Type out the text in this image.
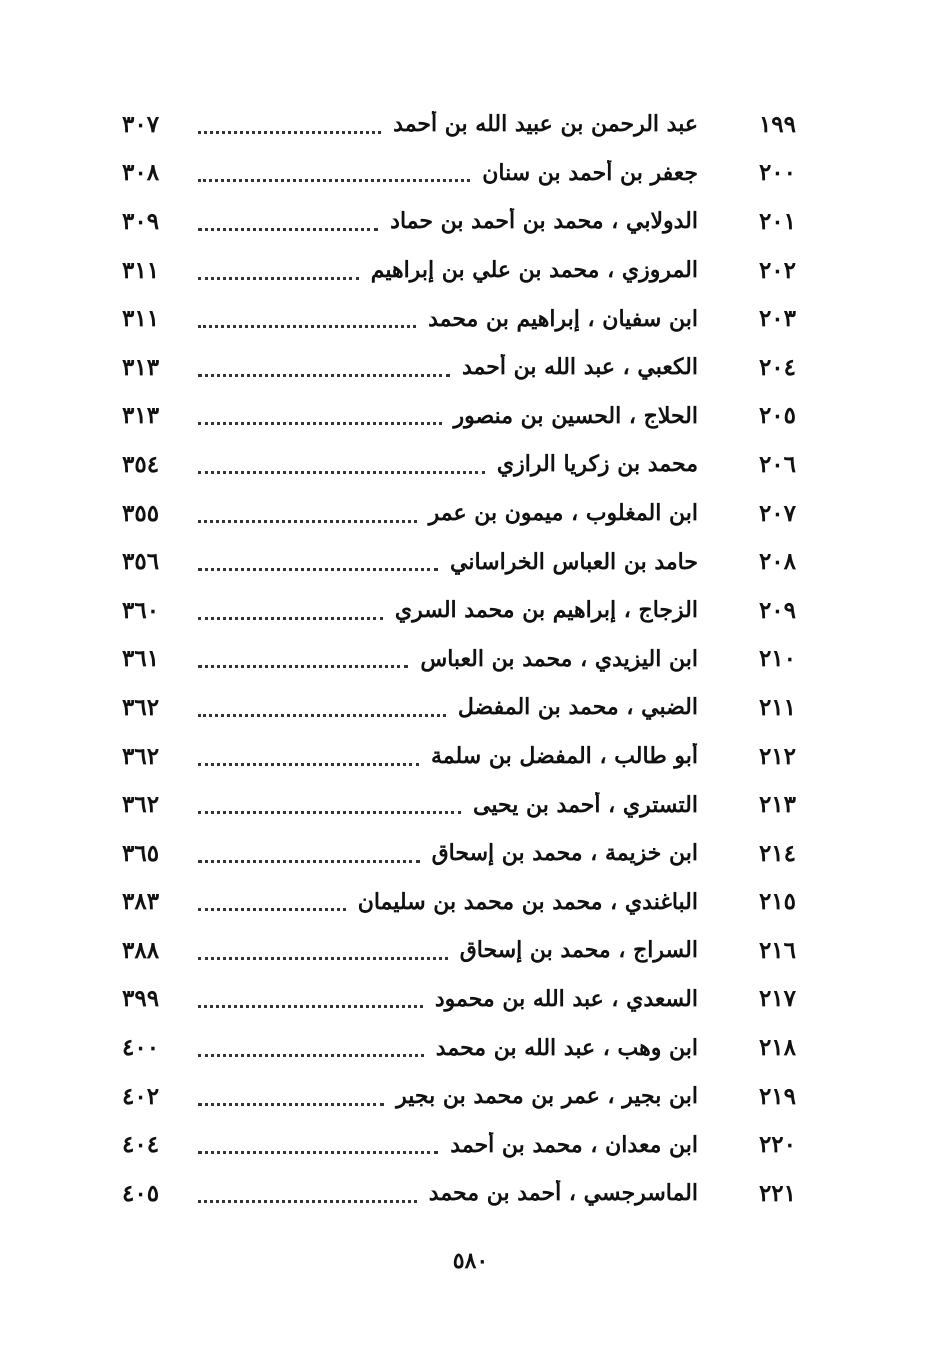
١٩٩
عبد الرحمن بن عبيد الله بن أحمد
٣٠٧
٢٠٠
جعفر بن أحمد بن سنان
٣٠٨
٢٠١
الدولابي ، محمد بن أحمد بن حماد
٣٠٩
٢٠٢
المروزي ، محمد بن علي بن إبراهيم
٣١١
٢٠٣
ابن سفيان ، إبراهيم بن محمد
٣١١
٢٠٤
الكعبي ، عبد الله بن أحمد
٣١٣
٢٠٥
الحلاج ، الحسين بن منصور
٣١٣
٢٠٦
محمد بن زكريا الرازي
٣٥٤
٢٠٧
ابن المغلوب ، ميمون بن عمر
٣٥٥
٢٠٨
حامد بن العباس الخراساني
٣٥٦
٢٠٩
الزجاج ، إبراهيم بن محمد السري
٣٦٠
٢١٠
ابن اليزيدي ، محمد بن العباس
٣٦١
٢١١
الضبي ، محمد بن المفضل
٣٦٢
٢١٢
أبو طالب ، المفضل بن سلمة
٣٦٢
٢١٣
التستري ، أحمد بن يحيى
٣٦٢
٢١٤
ابن خزيمة ، محمد بن إسحاق
٣٦٥
٢١٥
الباغندي ، محمد بن محمد بن سليمان
٣٨٣
٢١٦
السراج ، محمد بن إسحاق
٣٨٨
٢١٧
السعدي ، عبد الله بن محمود
٣٩٩
٢١٨
ابن وهب ، عبد الله بن محمد
٤٠٠
٢١٩
ابن بجير ، عمر بن محمد بن بجير
٤٠٢
٢٢٠
ابن معدان ، محمد بن أحمد
٤٠٤
٢٢١
الماسرجسي ، أحمد بن محمد
٤٠٥
٥٨٠
